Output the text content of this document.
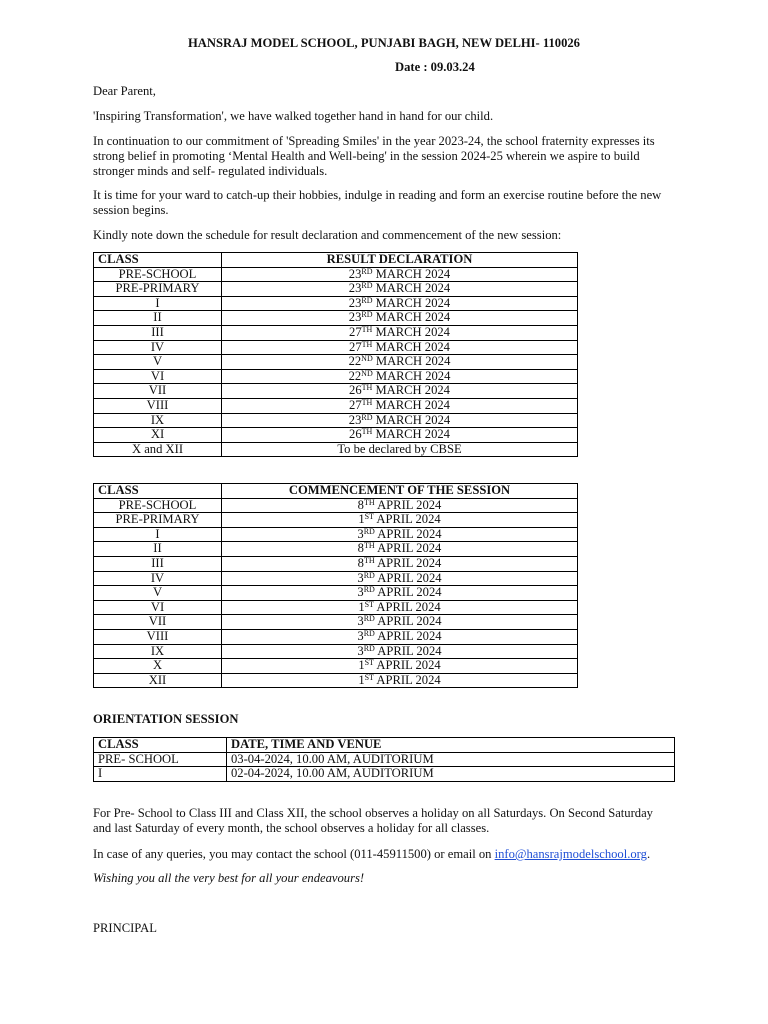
HANSRAJ MODEL SCHOOL, PUNJABI BAGH, NEW DELHI- 110026
Date : 09.03.24
Dear Parent,
'Inspiring Transformation', we have walked together hand in hand for our child.
In continuation to our commitment of 'Spreading Smiles' in the year 2023-24, the school fraternity expresses its
strong belief in promoting ‘Mental Health and Well-being' in the session 2024-25 wherein we aspire to build
stronger minds and self- regulated individuals.
It is time for your ward to catch-up their hobbies, indulge in reading and form an exercise routine before the new
session begins.
Kindly note down the schedule for result declaration and commencement of the new session:
CLASS	RESULT DECLARATION
PRE-SCHOOL	23RD MARCH 2024
PRE-PRIMARY	23RD MARCH 2024
I	23RD MARCH 2024
II	23RD MARCH 2024
III	27TH MARCH 2024
IV	27TH MARCH 2024
V	22ND MARCH 2024
VI	22ND MARCH 2024
VII	26TH MARCH 2024
VIII	27TH MARCH 2024
IX	23RD MARCH 2024
XI	26TH MARCH 2024
X and XII	To be declared by CBSE
CLASS	COMMENCEMENT OF THE SESSION
PRE-SCHOOL	8TH APRIL 2024
PRE-PRIMARY	1ST APRIL 2024
I	3RD APRIL 2024
II	8TH APRIL 2024
III	8TH APRIL 2024
IV	3RD APRIL 2024
V	3RD APRIL 2024
VI	1ST APRIL 2024
VII	3RD APRIL 2024
VIII	3RD APRIL 2024
IX	3RD APRIL 2024
X	1ST APRIL 2024
XII	1ST APRIL 2024
ORIENTATION SESSION
CLASS	DATE, TIME AND VENUE
PRE- SCHOOL	03-04-2024, 10.00 AM, AUDITORIUM
I	02-04-2024, 10.00 AM, AUDITORIUM
For Pre- School to Class III and Class XII, the school observes a holiday on all Saturdays. On Second Saturday
and last Saturday of every month, the school observes a holiday for all classes.
In case of any queries, you may contact the school (011-45911500) or email on info@hansrajmodelschool.org.
Wishing you all the very best for all your endeavours!
PRINCIPAL
